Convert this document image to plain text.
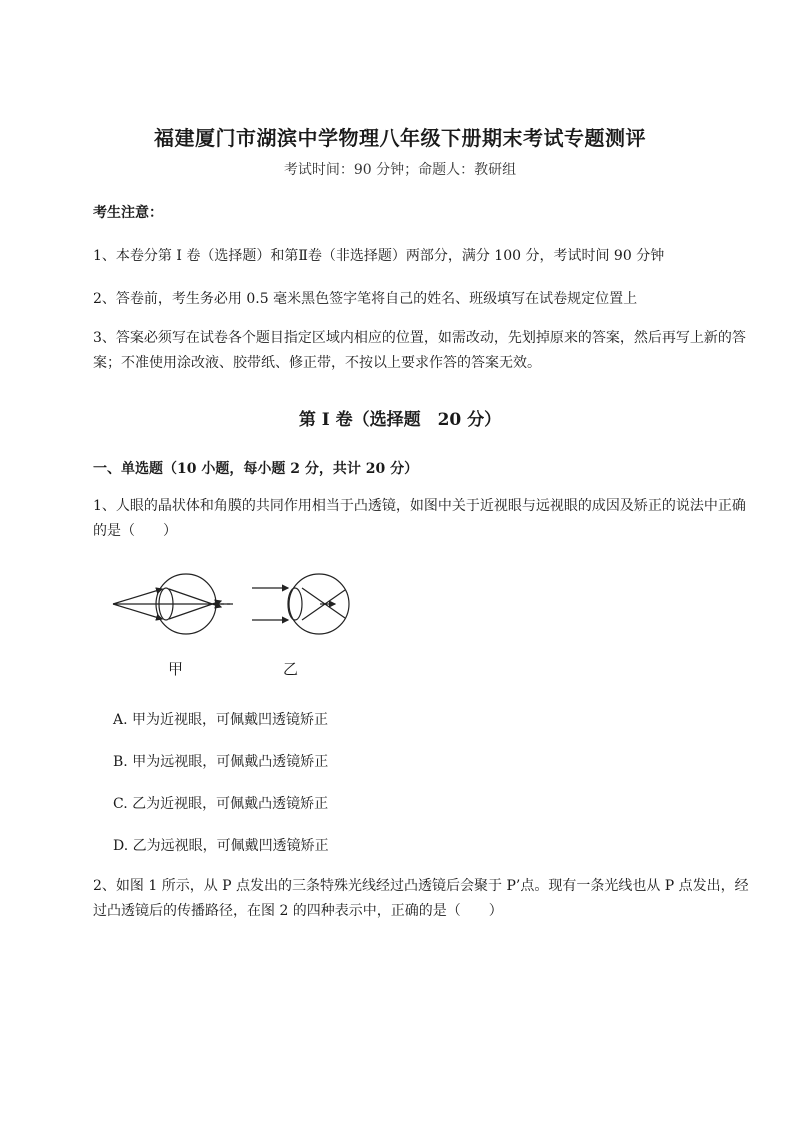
福建厦门市湖滨中学物理八年级下册期末考试专题测评
考试时间：90 分钟；命题人：教研组
考生注意：
1、本卷分第 I 卷（选择题）和第Ⅱ卷（非选择题）两部分，满分 100 分，考试时间 90 分钟
2、答卷前，考生务必用 0.5 毫米黑色签字笔将自己的姓名、班级填写在试卷规定位置上
3、答案必须写在试卷各个题目指定区域内相应的位置，如需改动，先划掉原来的答案，然后再写上新的答案；不准使用涂改液、胶带纸、修正带，不按以上要求作答的答案无效。
第 I 卷（选择题　20 分）
一、单选题（10 小题，每小题 2 分，共计 20 分）
1、人眼的晶状体和角膜的共同作用相当于凸透镜，如图中关于近视眼与远视眼的成因及矫正的说法中正确的是（　　）
甲	乙
A. 甲为近视眼，可佩戴凹透镜矫正
B. 甲为远视眼，可佩戴凸透镜矫正
C. 乙为近视眼，可佩戴凸透镜矫正
D. 乙为远视眼，可佩戴凹透镜矫正
2、如图 1 所示，从 P 点发出的三条特殊光线经过凸透镜后会聚于 P’点。现有一条光线也从 P 点发出，经过凸透镜后的传播路径，在图 2 的四种表示中，正确的是（　　）
